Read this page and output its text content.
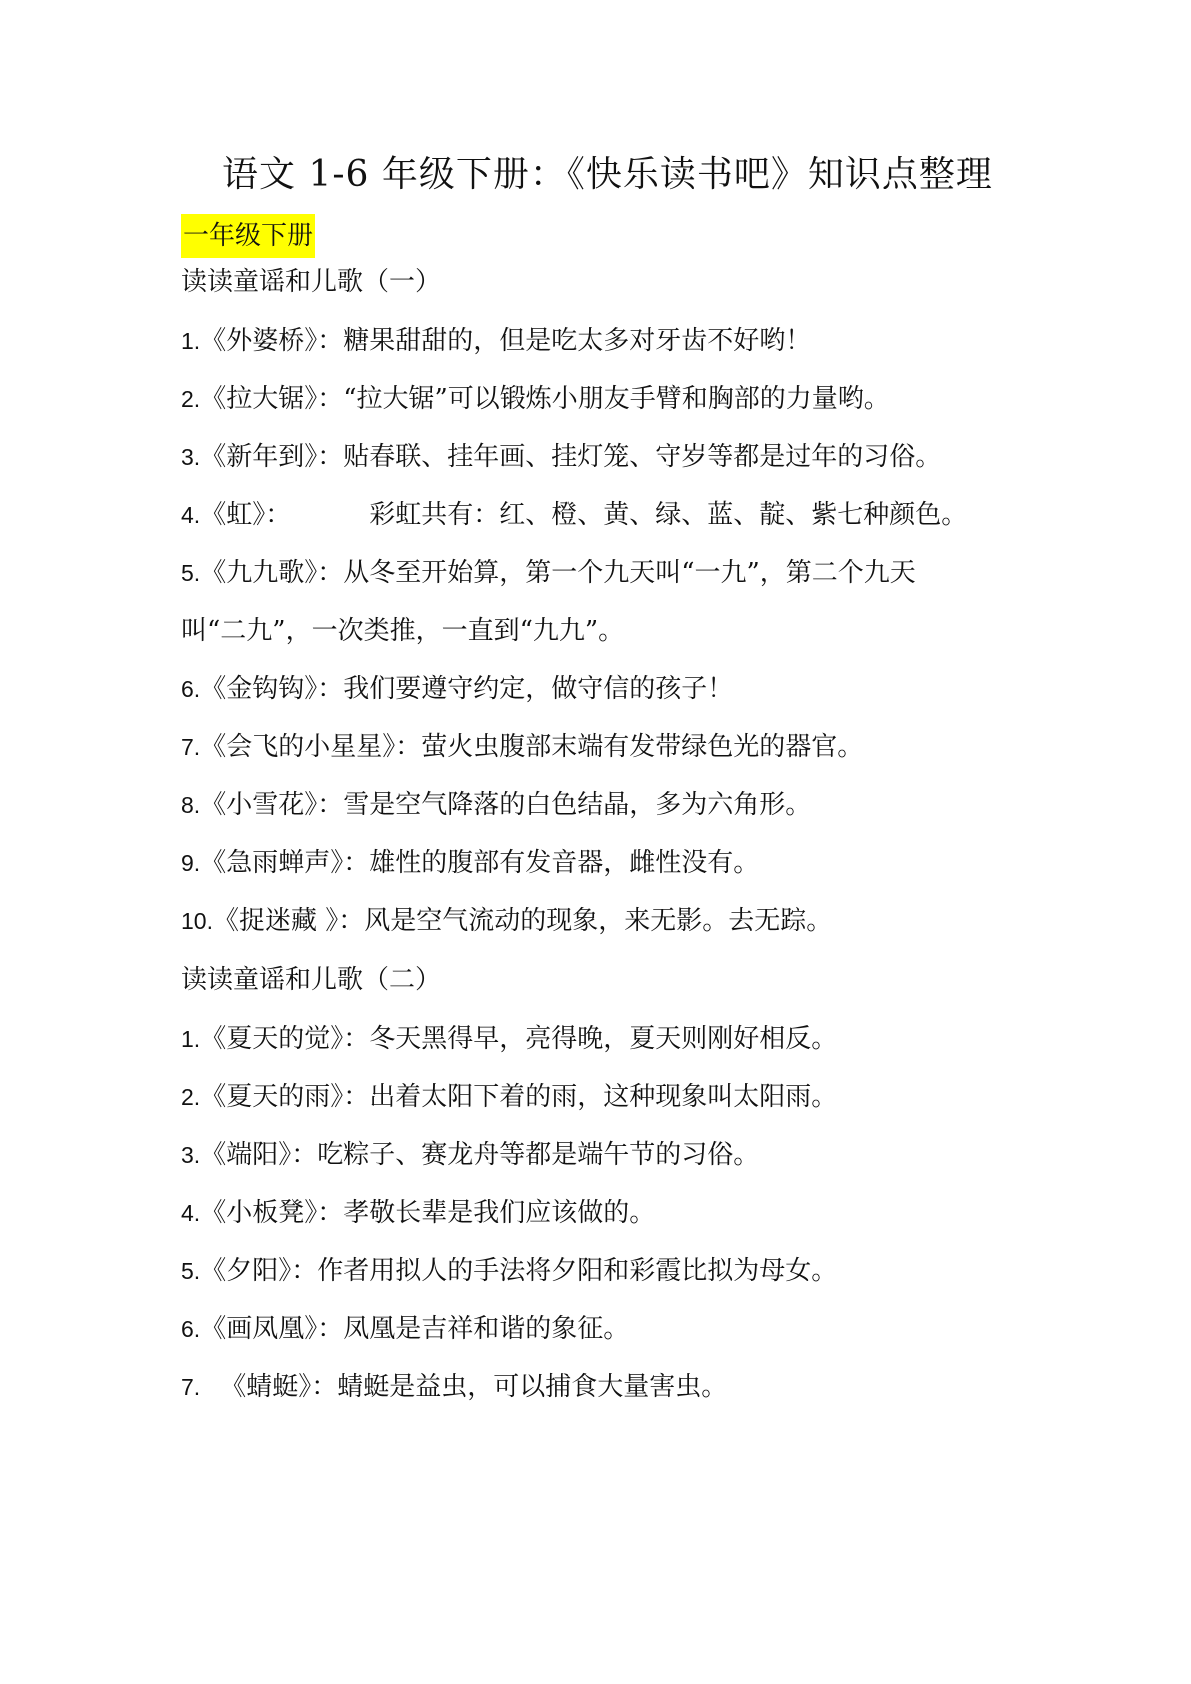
语文 1-6 年级下册：《快乐读书吧》知识点整理
一年级下册
读读童谣和儿歌（一）
1.《外婆桥》：糖果甜甜的，但是吃太多对牙齿不好哟！
2.《拉大锯》：“拉大锯”可以锻炼小朋友手臂和胸部的力量哟。
3.《新年到》：贴春联、挂年画、挂灯笼、守岁等都是过年的习俗。
4.《虹》：	彩虹共有：红、橙、黄、绿、蓝、靛、紫七种颜色。
5.《九九歌》：从冬至开始算，第一个九天叫“一九”，第二个九天
叫“二九”，一次类推，一直到“九九”。
6.《金钩钩》：我们要遵守约定，做守信的孩子！
7.《会飞的小星星》：萤火虫腹部末端有发带绿色光的器官。
8.《小雪花》：雪是空气降落的白色结晶，多为六角形。
9.《急雨蝉声》：雄性的腹部有发音器，雌性没有。
10.《捉迷藏 》：风是空气流动的现象，来无影。去无踪。
读读童谣和儿歌（二）
1.《夏天的觉》：冬天黑得早，亮得晚，夏天则刚好相反。
2.《夏天的雨》：出着太阳下着的雨，这种现象叫太阳雨。
3.《端阳》：吃粽子、赛龙舟等都是端午节的习俗。
4.《小板凳》：孝敬长辈是我们应该做的。
5.《夕阳》：作者用拟人的手法将夕阳和彩霞比拟为母女。
6.《画凤凰》：凤凰是吉祥和谐的象征。
7. 《蜻蜓》：蜻蜓是益虫，可以捕食大量害虫。
